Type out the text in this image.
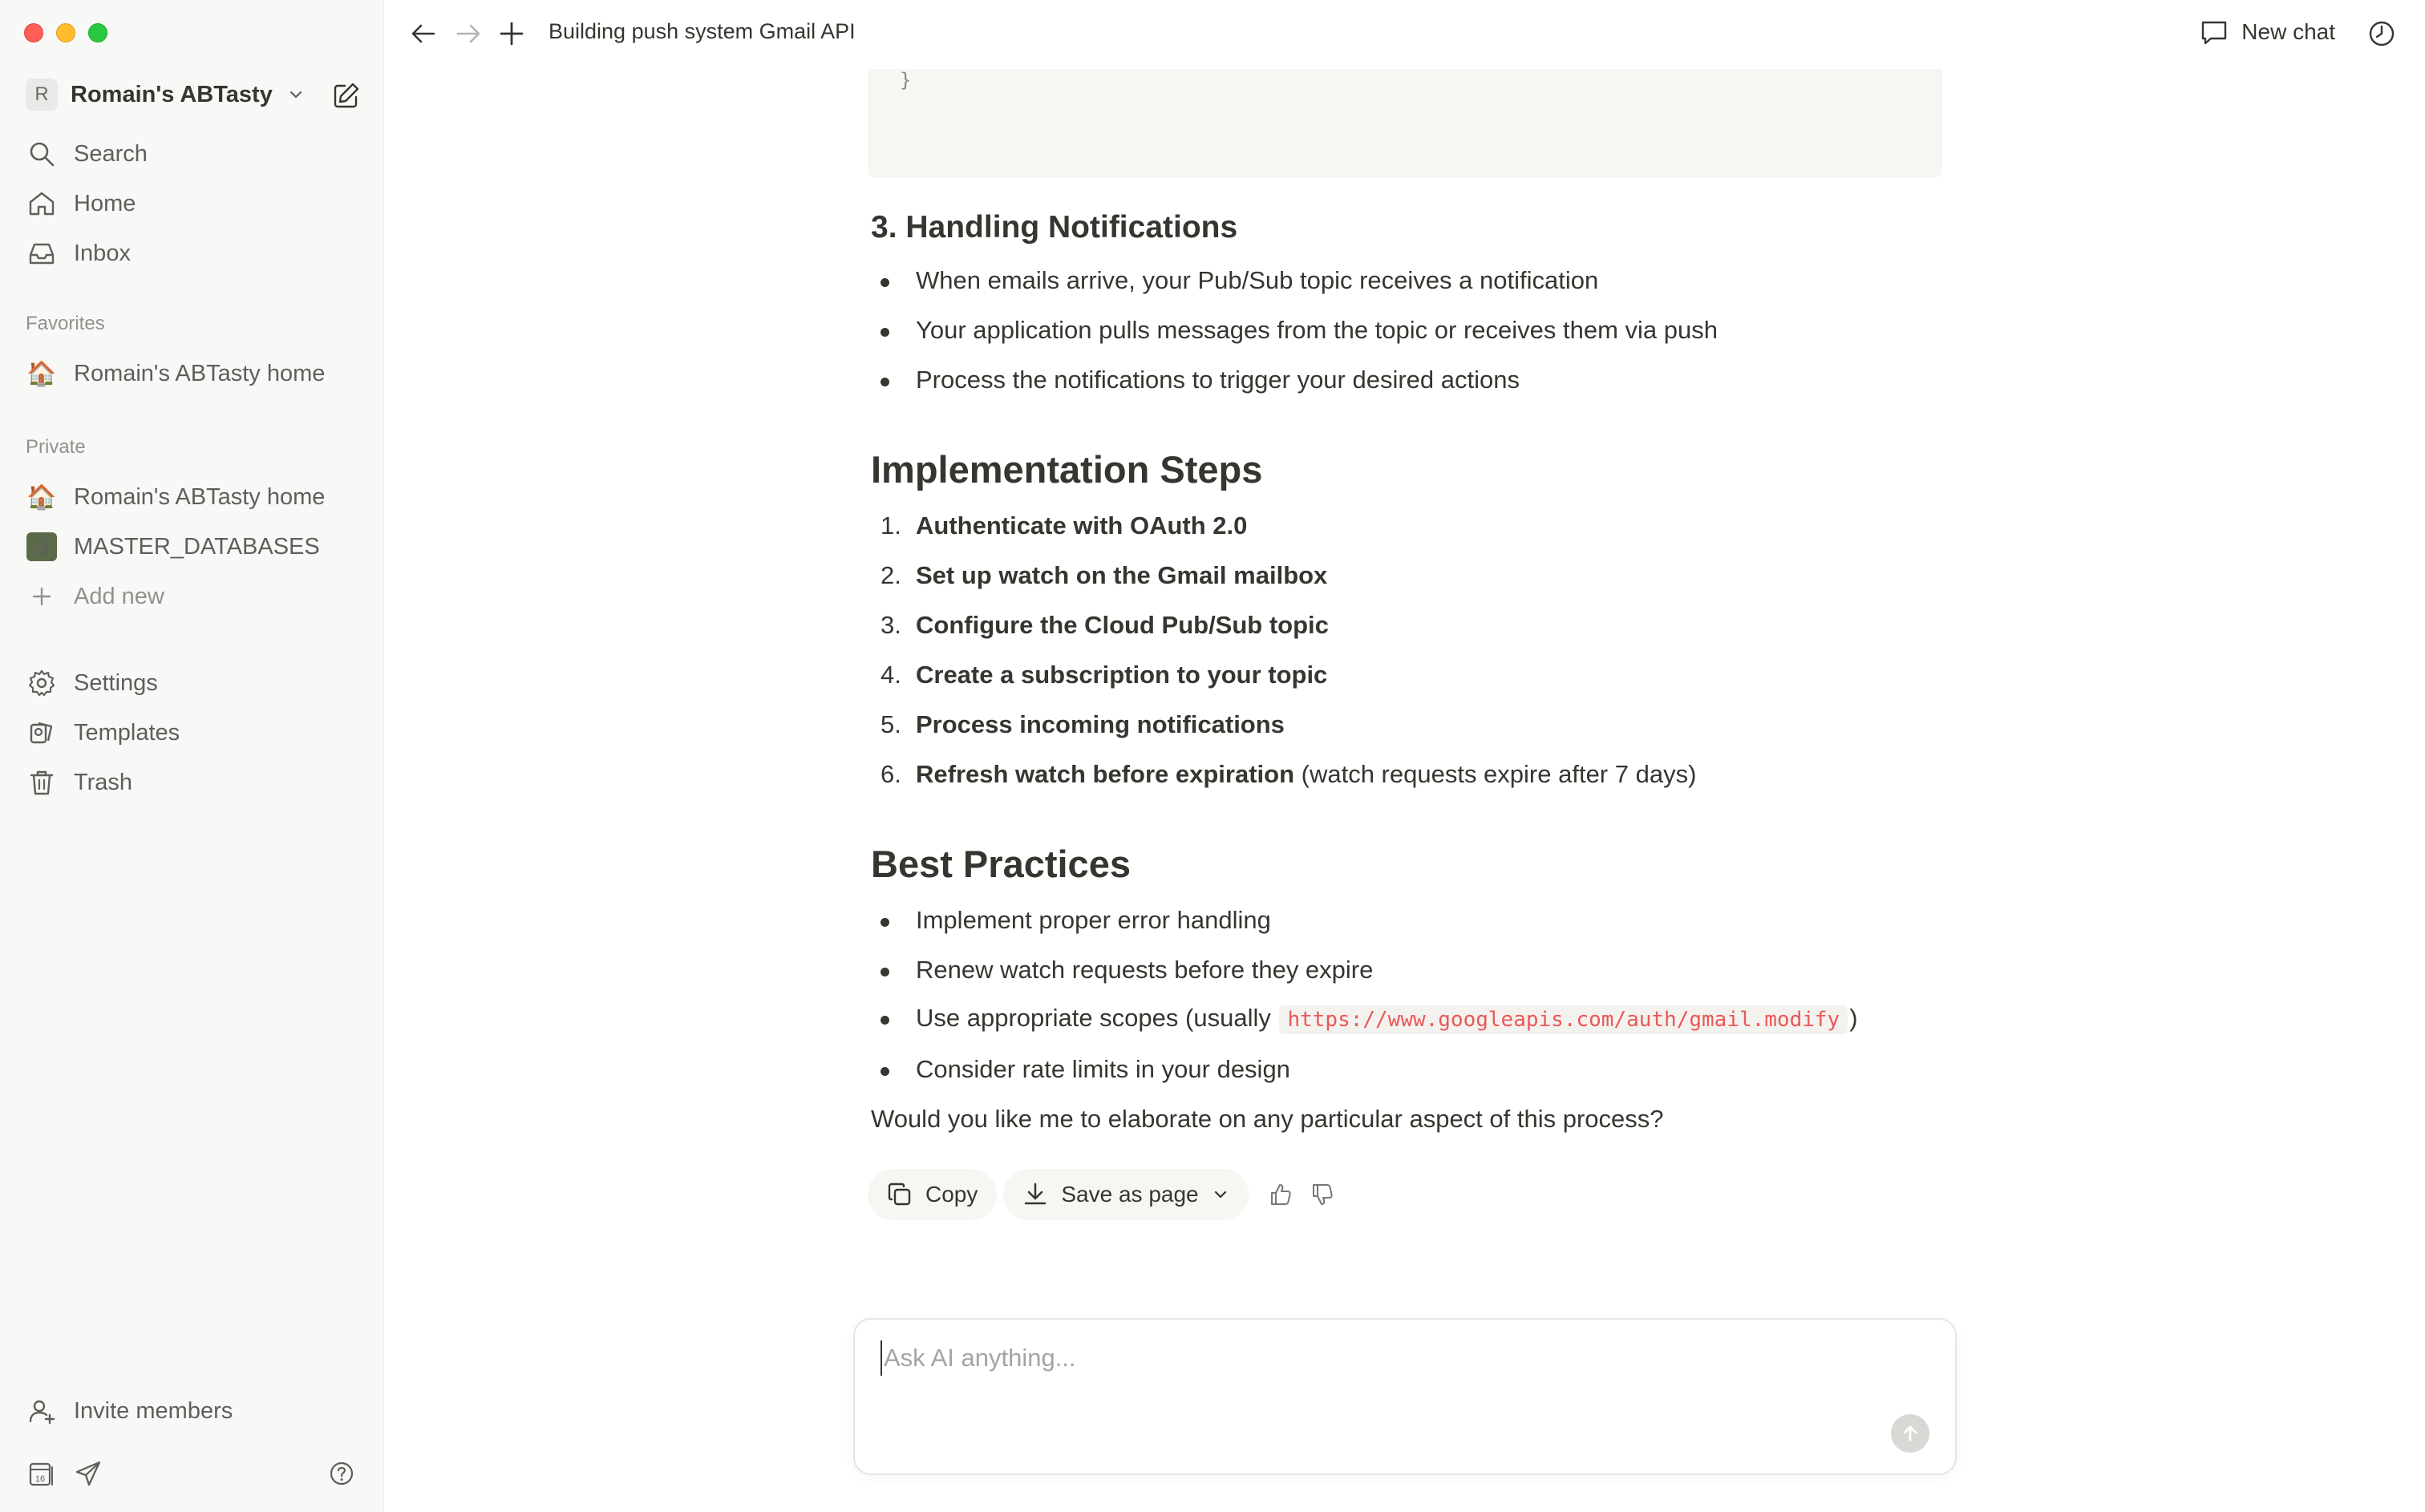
R Romain's ABTasty
Search
Home
Inbox
Favorites
🏠 Romain's ABTasty home
Private
🏠 Romain's ABTasty home
🛢 MASTER_DATABASES
Add new
Settings
Templates
Trash
Invite members
16
Building push system Gmail API	New chat
}
3. Handling Notifications
When emails arrive, your Pub/Sub topic receives a notification
Your application pulls messages from the topic or receives them via push
Process the notifications to trigger your desired actions
Implementation Steps
1. Authenticate with OAuth 2.0
2. Set up watch on the Gmail mailbox
3. Configure the Cloud Pub/Sub topic
4. Create a subscription to your topic
5. Process incoming notifications
6. Refresh watch before expiration (watch requests expire after 7 days)
Best Practices
Implement proper error handling
Renew watch requests before they expire
Use appropriate scopes (usually https://www.googleapis.com/auth/gmail.modify )
Consider rate limits in your design
Would you like me to elaborate on any particular aspect of this process?
Copy	Save as page
Ask AI anything...
